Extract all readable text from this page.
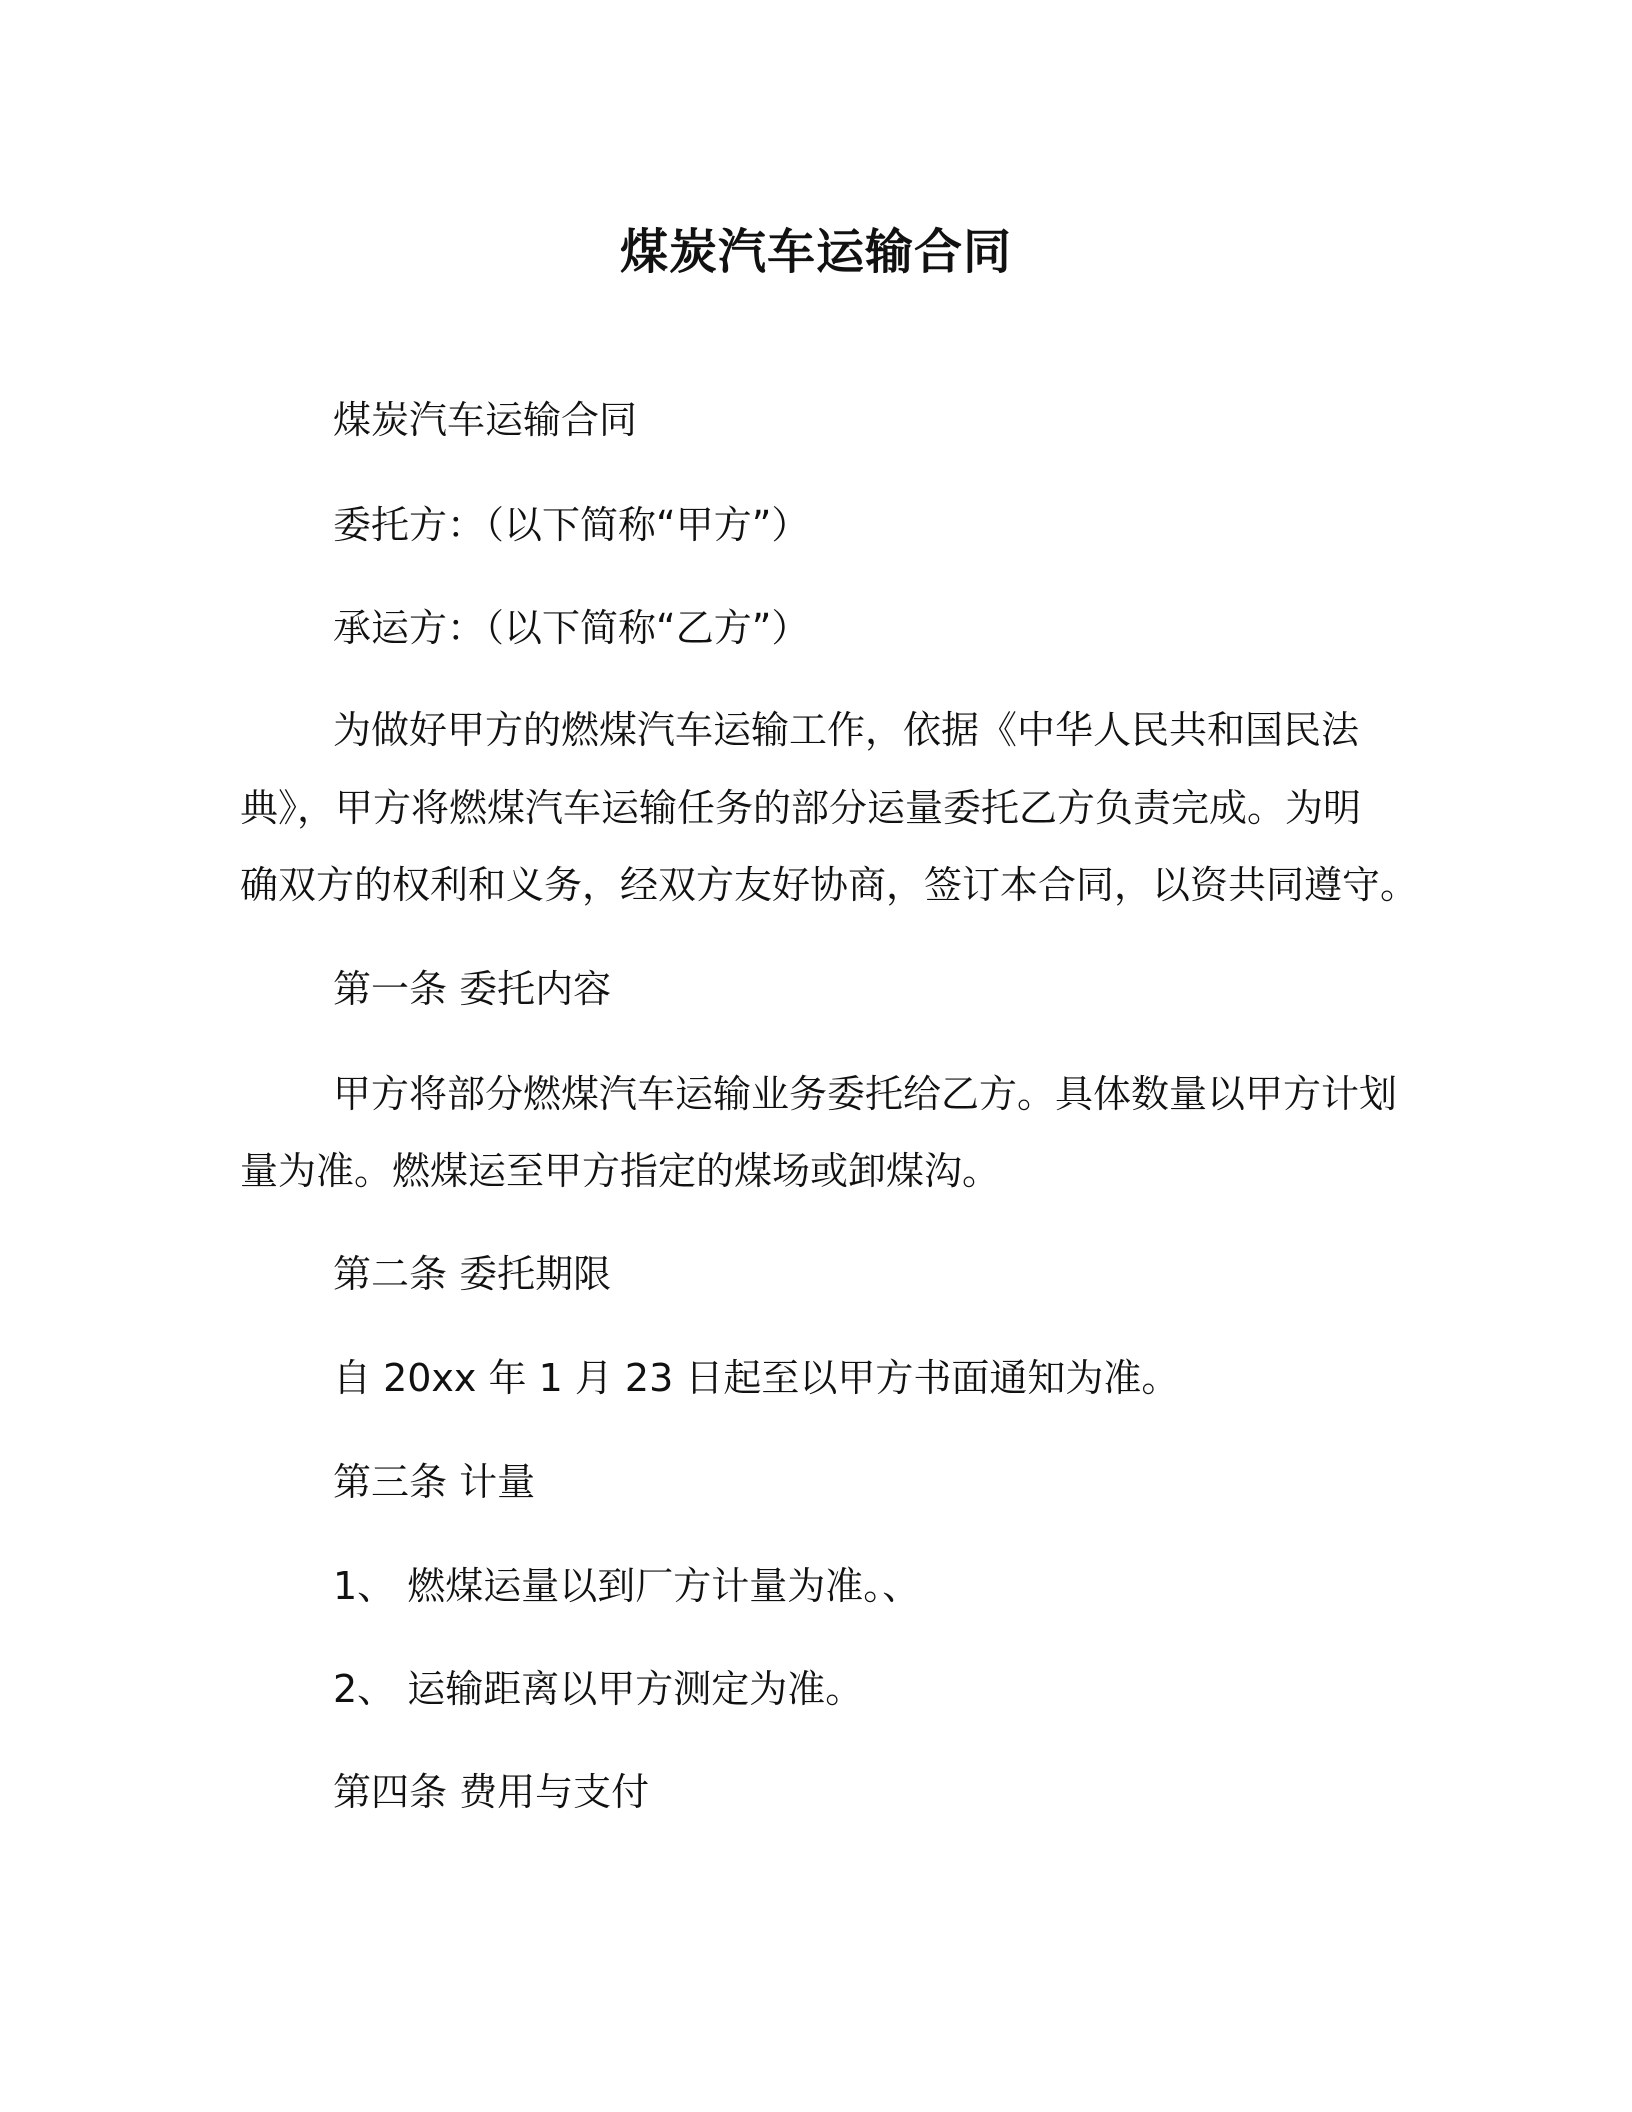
煤炭汽车运输合同
煤炭汽车运输合同
委托方：（以下简称“甲方”）
承运方：（以下简称“乙方”）
为做好甲方的燃煤汽车运输工作，依据《中华人民共和国民法
典》，甲方将燃煤汽车运输任务的部分运量委托乙方负责完成。为明
确双方的权利和义务，经双方友好协商，签订本合同，以资共同遵守。
第一条 委托内容
甲方将部分燃煤汽车运输业务委托给乙方。具体数量以甲方计划
量为准。燃煤运至甲方指定的煤场或卸煤沟。
第二条 委托期限
自 20xx 年 1 月 23 日起至以甲方书面通知为准。
第三条 计量
1、 燃煤运量以到厂方计量为准。、
2、 运输距离以甲方测定为准。
第四条 费用与支付
